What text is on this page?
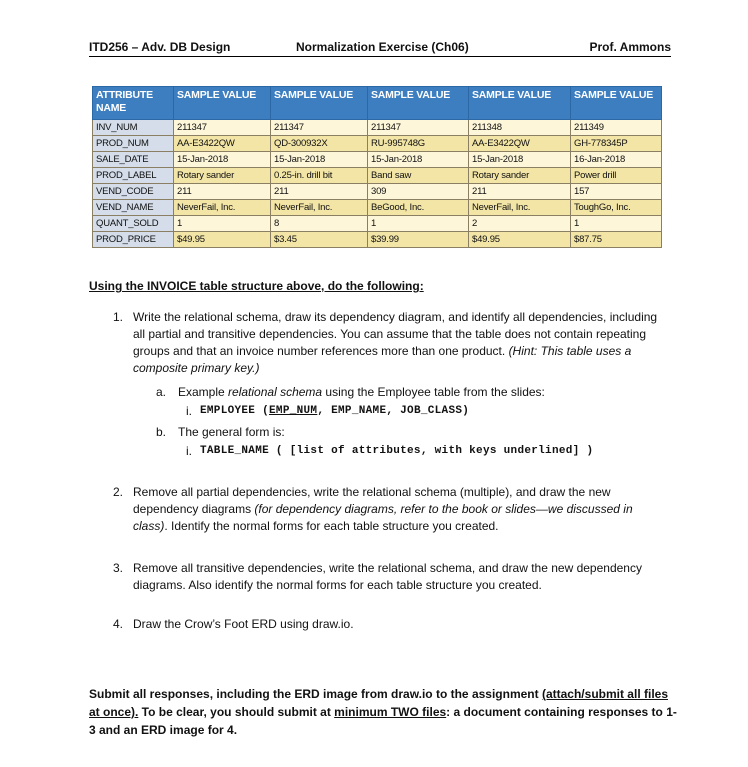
ITD256 – Adv. DB Design	Normalization Exercise (Ch06)	Prof. Ammons
ATTRIBUTE NAME	SAMPLE VALUE	SAMPLE VALUE	SAMPLE VALUE	SAMPLE VALUE	SAMPLE VALUE
INV_NUM	211347	211347	211347	211348	211349
PROD_NUM	AA-E3422QW	QD-300932X	RU-995748G	AA-E3422QW	GH-778345P
SALE_DATE	15-Jan-2018	15-Jan-2018	15-Jan-2018	15-Jan-2018	16-Jan-2018
PROD_LABEL	Rotary sander	0.25-in. drill bit	Band saw	Rotary sander	Power drill
VEND_CODE	211	211	309	211	157
VEND_NAME	NeverFail, Inc.	NeverFail, Inc.	BeGood, Inc.	NeverFail, Inc.	ToughGo, Inc.
QUANT_SOLD	1	8	1	2	1
PROD_PRICE	$49.95	$3.45	$39.99	$49.95	$87.75
Using the INVOICE table structure above, do the following:
1. Write the relational schema, draw its dependency diagram, and identify all dependencies, including all partial and transitive dependencies. You can assume that the table does not contain repeating groups and that an invoice number references more than one product. (Hint: This table uses a composite primary key.)
a. Example relational schema using the Employee table from the slides:
i. EMPLOYEE (EMP_NUM, EMP_NAME, JOB_CLASS)
b. The general form is:
i. TABLE_NAME ( [list of attributes, with keys underlined] )
2. Remove all partial dependencies, write the relational schema (multiple), and draw the new dependency diagrams (for dependency diagrams, refer to the book or slides—we discussed in class). Identify the normal forms for each table structure you created.
3. Remove all transitive dependencies, write the relational schema, and draw the new dependency diagrams. Also identify the normal forms for each table structure you created.
4. Draw the Crow’s Foot ERD using draw.io.
Submit all responses, including the ERD image from draw.io to the assignment (attach/submit all files at once). To be clear, you should submit at minimum TWO files: a document containing responses to 1-3 and an ERD image for 4.
